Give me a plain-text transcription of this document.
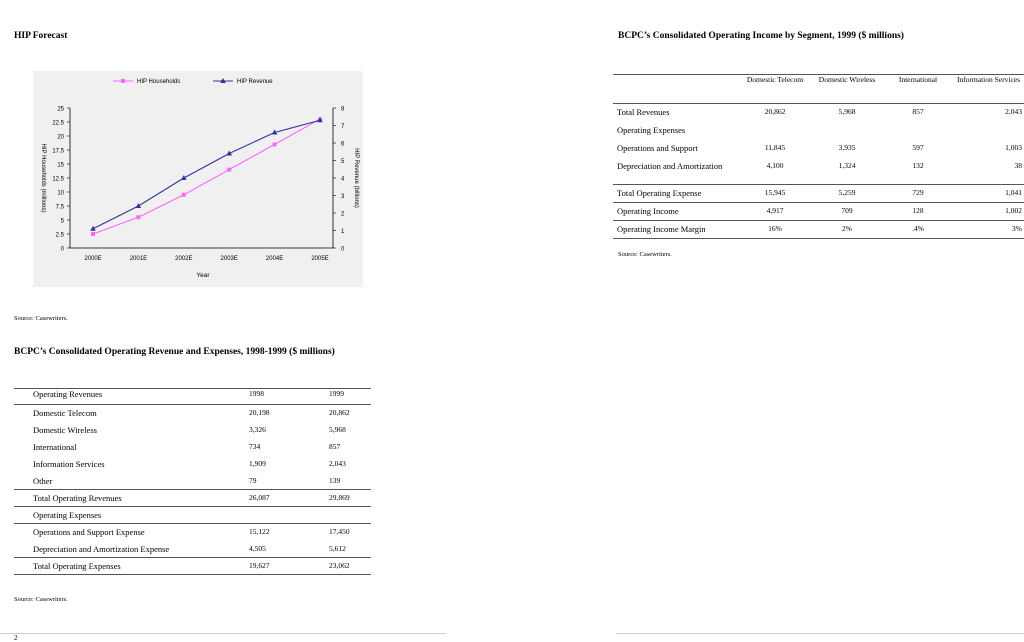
HIP Forecast
0
2.5
5
7.5
10
12.5
15
17.5
20
22.5
25
0
1
2
3
4
5
6
7
8
2000E	2001E	2002E	2003E	2004E	2005E
Year
HIP Households (millions)	HIP Revenue (billions)
HIP Households	HIP Revenue
Source: Casewriters.
BCPC’s Consolidated Operating Revenue and Expenses, 1998-1999 ($ millions)
Operating Revenues	1998	1999
Domestic Telecom	20,198	20,862
Domestic Wireless	3,326	5,968
International	734	857
Information Services	1,909	2,043
Other	79	139
Total Operating Revenues	26,087	29,869
Operating Expenses		
Operations and Support Expense	15,122	17,450
Depreciation and Amortization Expense	4,505	5,612
Total Operating Expenses	19,627	23,062
Source: Casewriters.
BCPC’s Consolidated Operating Income by Segment, 1999 ($ millions)
	Domestic Telecom	Domestic Wireless	International	Information Services
Total Revenues	20,862	5,968	857	2,043
Operating Expenses				
Operations and Support	11,845	3,935	597	1,003
Depreciation and Amortization	4,100	1,324	132	38
Total Operating Expense	15,945	5,259	729	1,041
Operating Income	4,917	709	128	1,002
Operating Income Margin	16%	2%	.4%	3%
Source: Casewriters.
2
